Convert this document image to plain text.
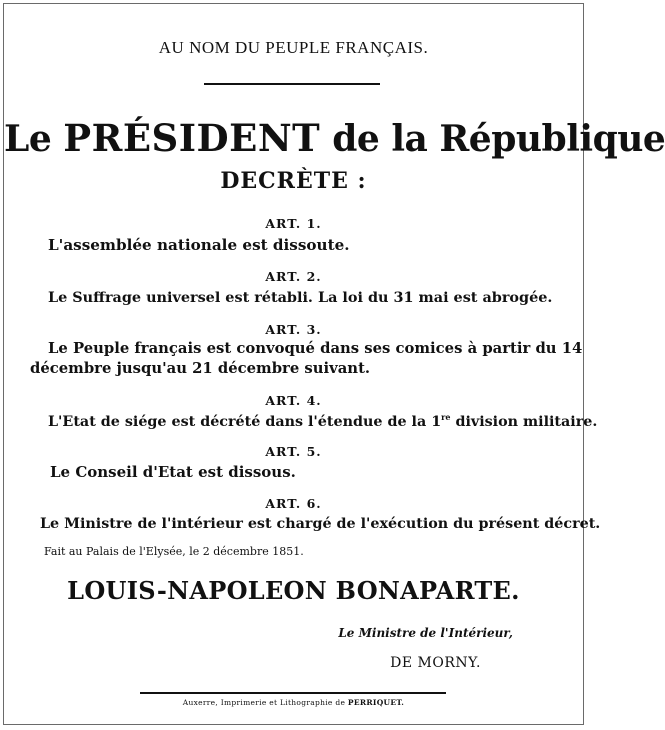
AU NOM DU PEUPLE FRANÇAIS.
Le PRÉSIDENT de la République
DECRÈTE :
ART. 1.
L'assemblée nationale est dissoute.
ART. 2.
Le Suffrage universel est rétabli. La loi du 31 mai est abrogée.
ART. 3.
Le Peuple français est convoqué dans ses comices à partir du 14
décembre jusqu'au 21 décembre suivant.
ART. 4.
L'Etat de siége est décrété dans l'étendue de la 1re division militaire.
ART. 5.
Le Conseil d'Etat est dissous.
ART. 6.
Le Ministre de l'intérieur est chargé de l'exécution du présent décret.
Fait au Palais de l'Elysée, le 2 décembre 1851.
LOUIS-NAPOLEON BONAPARTE.
Le Ministre de l'Intérieur,
DE MORNY.
Auxerre, Imprimerie et Lithographie de PERRIQUET.
